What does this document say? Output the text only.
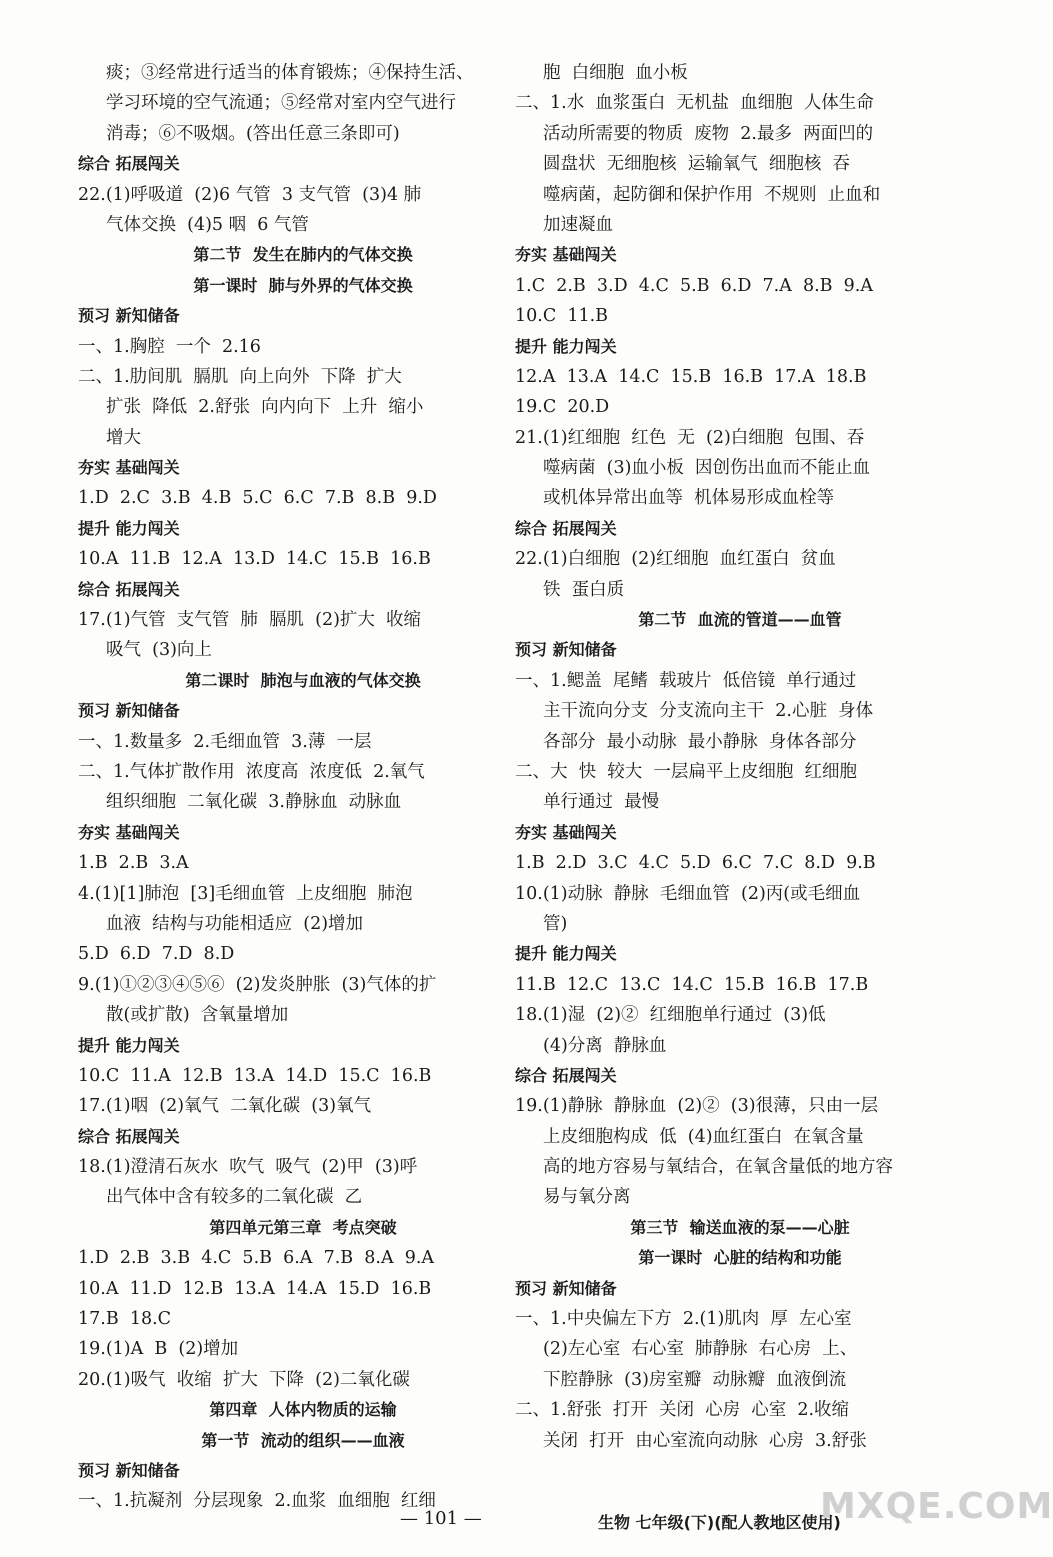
痰；③经常进行适当的体育锻炼；④保持生活、
学习环境的空气流通；⑤经常对室内空气进行
消毒；⑥不吸烟。(答出任意三条即可)
综合 拓展闯关
22.(1)呼吸道  (2)6 气管  3 支气管  (3)4 肺
气体交换  (4)5 咽  6 气管
第二节  发生在肺内的气体交换
第一课时  肺与外界的气体交换
预习 新知储备
一、1.胸腔  一个  2.16
二、1.肋间肌  膈肌  向上向外  下降  扩大
扩张  降低  2.舒张  向内向下  上升  缩小
增大
夯实 基础闯关
1.D  2.C  3.B  4.B  5.C  6.C  7.B  8.B  9.D
提升 能力闯关
10.A  11.B  12.A  13.D  14.C  15.B  16.B
综合 拓展闯关
17.(1)气管  支气管  肺  膈肌  (2)扩大  收缩
吸气  (3)向上
第二课时  肺泡与血液的气体交换
预习 新知储备
一、1.数量多  2.毛细血管  3.薄  一层
二、1.气体扩散作用  浓度高  浓度低  2.氧气
组织细胞  二氧化碳  3.静脉血  动脉血
夯实 基础闯关
1.B  2.B  3.A
4.(1)[1]肺泡  [3]毛细血管  上皮细胞  肺泡
血液  结构与功能相适应  (2)增加
5.D  6.D  7.D  8.D
9.(1)①②③④⑤⑥  (2)发炎肿胀  (3)气体的扩
散(或扩散)  含氧量增加
提升 能力闯关
10.C  11.A  12.B  13.A  14.D  15.C  16.B
17.(1)咽  (2)氧气  二氧化碳  (3)氧气
综合 拓展闯关
18.(1)澄清石灰水  吹气  吸气  (2)甲  (3)呼
出气体中含有较多的二氧化碳  乙
第四单元第三章  考点突破
1.D  2.B  3.B  4.C  5.B  6.A  7.B  8.A  9.A
10.A  11.D  12.B  13.A  14.A  15.D  16.B
17.B  18.C
19.(1)A  B  (2)增加
20.(1)吸气  收缩  扩大  下降  (2)二氧化碳
第四章  人体内物质的运输
第一节  流动的组织——血液
预习 新知储备
一、1.抗凝剂  分层现象  2.血浆  血细胞  红细
胞  白细胞  血小板
二、1.水  血浆蛋白  无机盐  血细胞  人体生命
活动所需要的物质  废物  2.最多  两面凹的
圆盘状  无细胞核  运输氧气  细胞核  吞
噬病菌，起防御和保护作用  不规则  止血和
加速凝血
夯实 基础闯关
1.C  2.B  3.D  4.C  5.B  6.D  7.A  8.B  9.A
10.C  11.B
提升 能力闯关
12.A  13.A  14.C  15.B  16.B  17.A  18.B
19.C  20.D
21.(1)红细胞  红色  无  (2)白细胞  包围、吞
噬病菌  (3)血小板  因创伤出血而不能止血
或机体异常出血等  机体易形成血栓等
综合 拓展闯关
22.(1)白细胞  (2)红细胞  血红蛋白  贫血
铁  蛋白质
第二节  血流的管道——血管
预习 新知储备
一、1.鳃盖  尾鳍  载玻片  低倍镜  单行通过
主干流向分支  分支流向主干  2.心脏  身体
各部分  最小动脉  最小静脉  身体各部分
二、大  快  较大  一层扁平上皮细胞  红细胞
单行通过  最慢
夯实 基础闯关
1.B  2.D  3.C  4.C  5.D  6.C  7.C  8.D  9.B
10.(1)动脉  静脉  毛细血管  (2)丙(或毛细血
管)
提升 能力闯关
11.B  12.C  13.C  14.C  15.B  16.B  17.B
18.(1)湿  (2)②  红细胞单行通过  (3)低
(4)分离  静脉血
综合 拓展闯关
19.(1)静脉  静脉血  (2)②  (3)很薄，只由一层
上皮细胞构成  低  (4)血红蛋白  在氧含量
高的地方容易与氧结合，在氧含量低的地方容
易与氧分离
第三节  输送血液的泵——心脏
第一课时  心脏的结构和功能
预习 新知储备
一、1.中央偏左下方  2.(1)肌肉  厚  左心室
(2)左心室  右心室  肺静脉  右心房  上、
下腔静脉  (3)房室瓣  动脉瓣  血液倒流
二、1.舒张  打开  关闭  心房  心室  2.收缩
关闭  打开  由心室流向动脉  心房  3.舒张
— 101 —	生物 七年级(下)(配人教地区使用)
MXQE.COM
